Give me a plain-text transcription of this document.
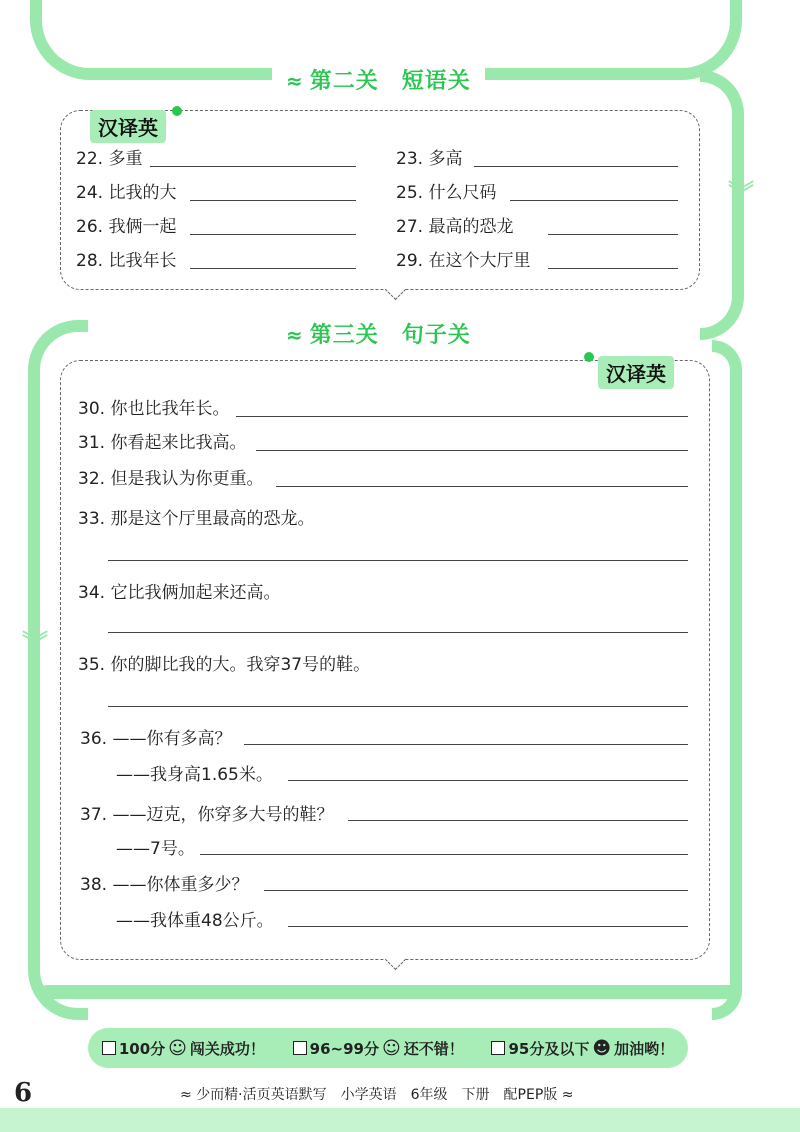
︾
︾
≈ 第二关　短语关
汉译英
22. 多重	23. 多高
24. 比我的大	25. 什么尺码
26. 我俩一起	27. 最高的恐龙
28. 比我年长	29. 在这个大厅里
≈ 第三关　句子关
汉译英
30. 你也比我年长。
31. 你看起来比我高。
32. 但是我认为你更重。
33. 那是这个厅里最高的恐龙。
34. 它比我俩加起来还高。
35. 你的脚比我的大。我穿37号的鞋。
36. ——你有多高？
——我身高1.65米。
37. ——迈克，你穿多大号的鞋？
——7号。
38. ——你体重多少？
——我体重48公斤。
100分 ☺ 闯关成功！	96~99分 ☺ 还不错！	95分及以下 ☻ 加油哟！
6	≈ 少而精·活页英语默写　小学英语　6年级　下册　配PEP版 ≈
